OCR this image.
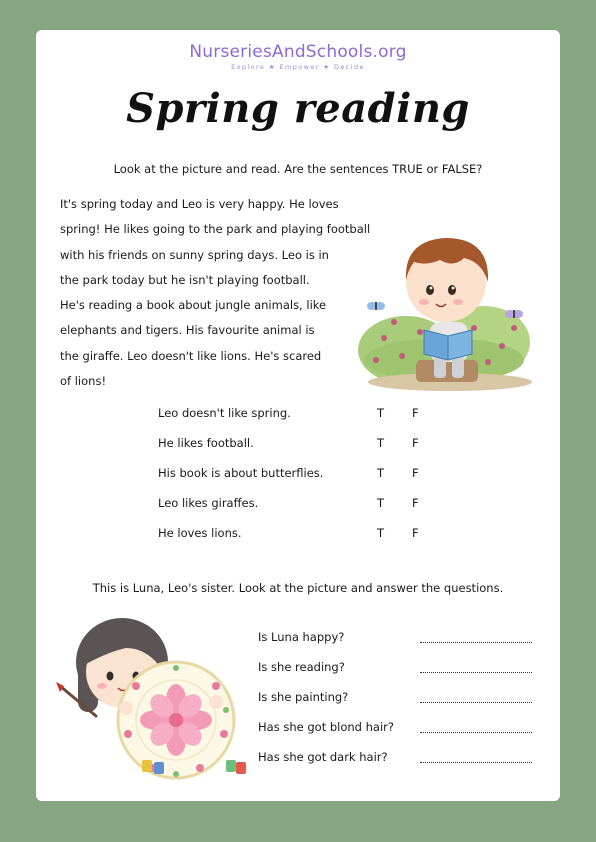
NurseriesAndSchools.org
Explore ★ Empower ★ Decide
Spring reading
Look at the picture and read. Are the sentences TRUE or FALSE?
It's spring today and Leo is very happy. He loves
spring! He likes going to the park and playing football
with his friends on sunny spring days. Leo is in
the park today but he isn't playing football.
He's reading a book about jungle animals, like
elephants and tigers. His favourite animal is
the giraffe. Leo doesn't like lions. He's scared
of lions!
Leo doesn't like spring.	T F
He likes football.	T F
His book is about butterflies.	T F
Leo likes giraffes.	T F
He loves lions.	T F
This is Luna, Leo's sister. Look at the picture and answer the questions.
Is Luna happy?
Is she reading?
Is she painting?
Has she got blond hair?
Has she got dark hair?
